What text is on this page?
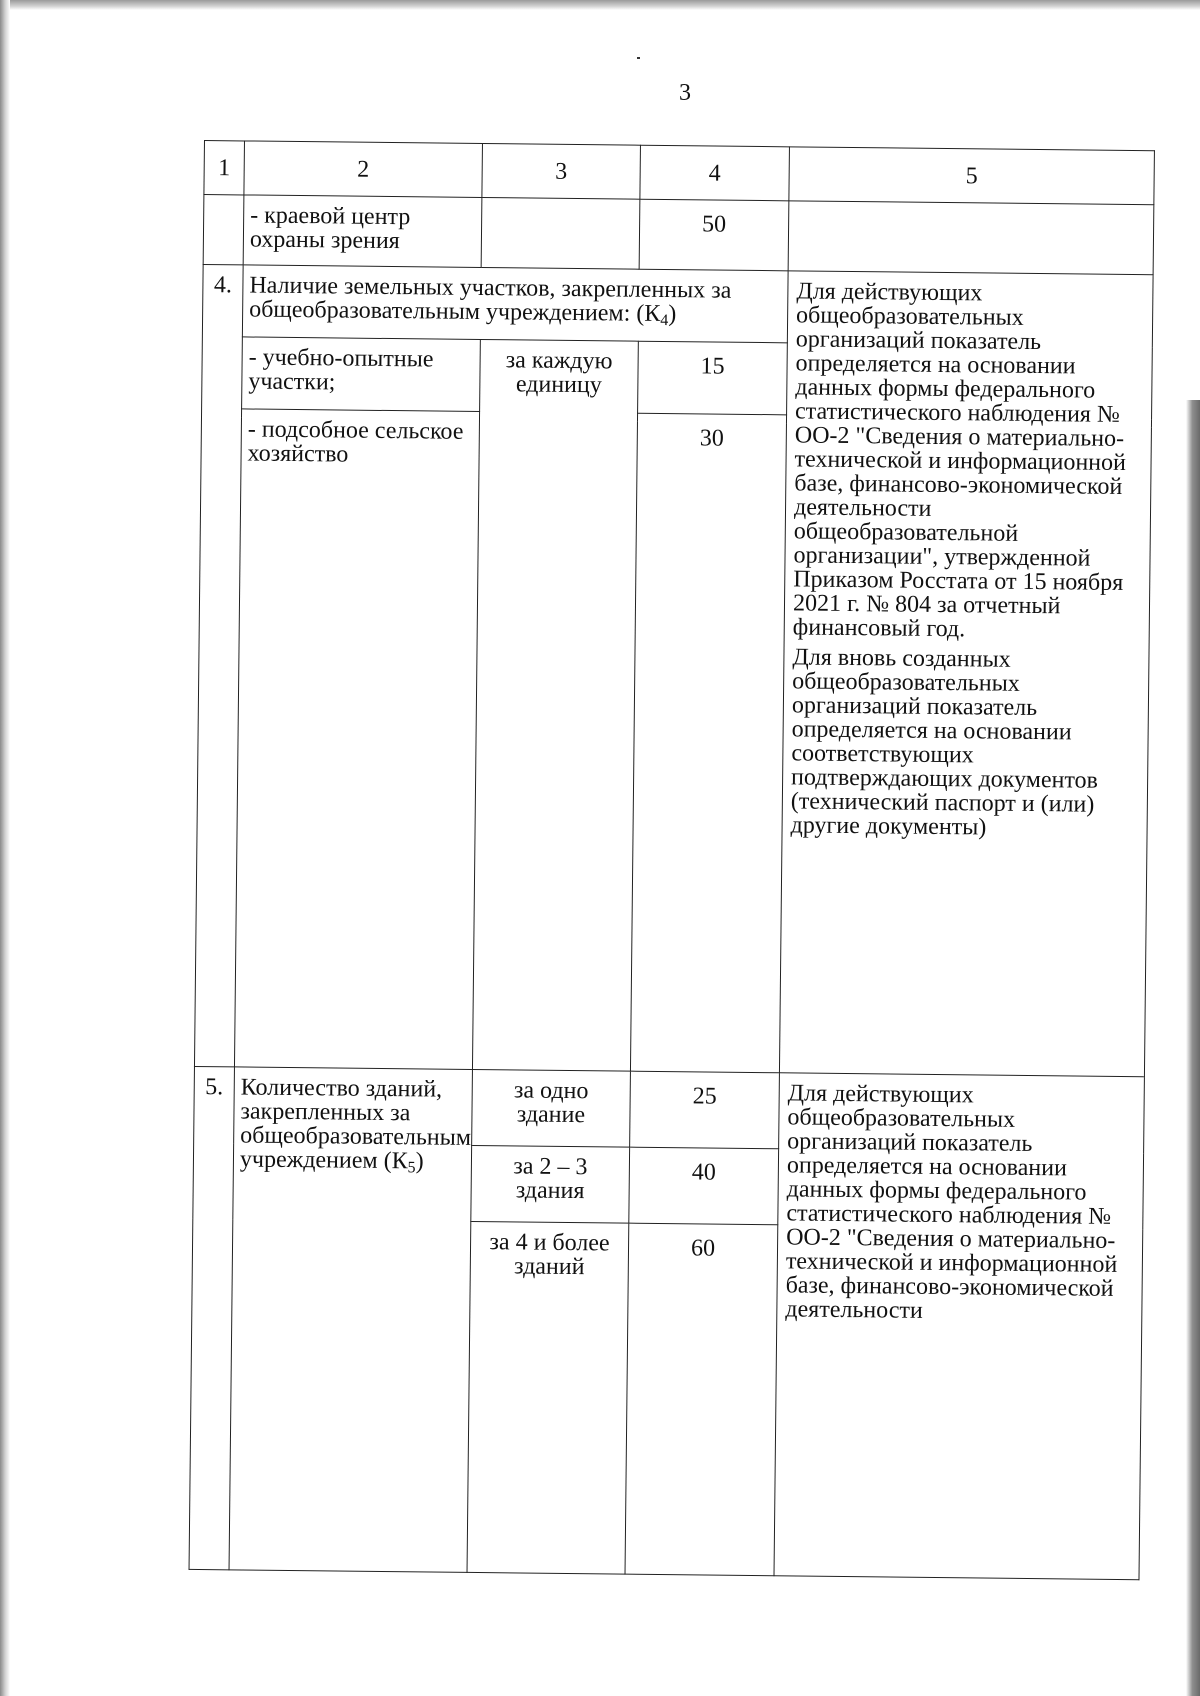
3
1	2	3	4	5
	- краевой центр охраны зрения		50	
4.	Наличие земельных участков, закрепленных за общеобразовательным учреждением: $(К_4)$			Для действующих общеобразовательных организаций показатель определяется на основании данных формы федерального статистического наблюдения № ОО-2 "Сведения о материально-технической и информационной базе, финансово-экономической деятельности общеобразовательной организации", утвержденной Приказом Росстата от 15 ноября 2021 г. № 804 за отчетный финансовый год.
Для вновь созданных общеобразовательных организаций показатель определяется на основании соответствующих подтверждающих документов (технический паспорт и (или) другие документы)

	- учебно-опытные участки;	за каждую единицу	15	
	- подсобное сельское хозяйство		30	

5.	Количество зданий, закрепленных за общеобразовательным учреждением $(К_5)$	за одно здание	25	Для действующих общеобразовательных организаций показатель определяется на основании данных формы федерального статистического наблюдения № ОО-2 "Сведения о материально-технической и информационной базе, финансово-экономической деятельности
		за 2 – 3 здания	40	
		за 4 и более зданий	60	
